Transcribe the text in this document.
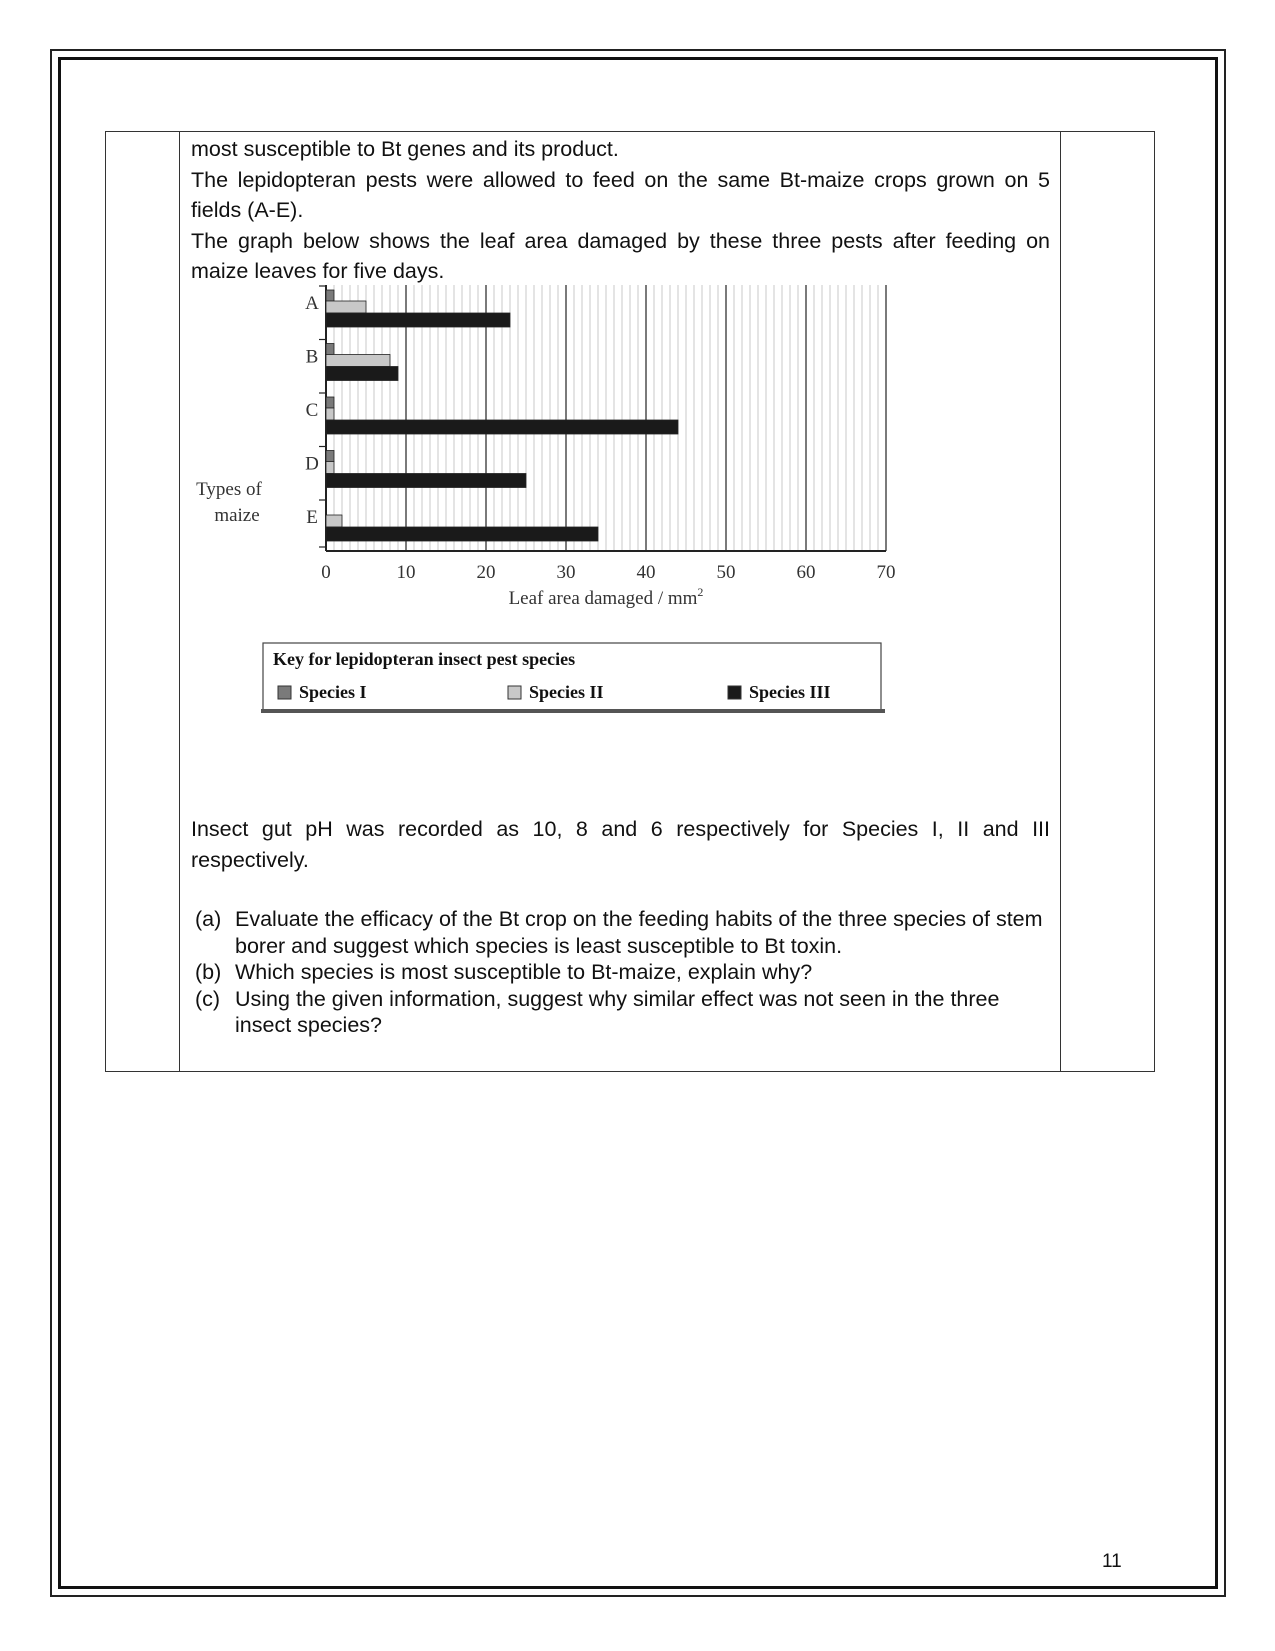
most susceptible to Bt genes and its product.

The lepidopteran pests were allowed to feed on the same Bt-maize crops grown on 5 fields (A-E).

The graph below shows the leaf area damaged by these three pests after feeding on maize leaves for five days.

0	10	20	30	40	50	60	70
A
B
C
D
E
Types of
maize
Leaf area damaged / $mm^2$
Key for lepidopteran insect pest species
Species I	Species II	Species III
Insect gut pH was recorded as 10, 8 and 6 respectively for Species I, II and III respectively.
(a) Evaluate the efficacy of the Bt crop on the feeding habits of the three species of stem borer and suggest which species is least susceptible to Bt toxin.
(b) Which species is most susceptible to Bt-maize, explain why?
(c) Using the given information, suggest why similar effect was not seen in the three insect species?
11
